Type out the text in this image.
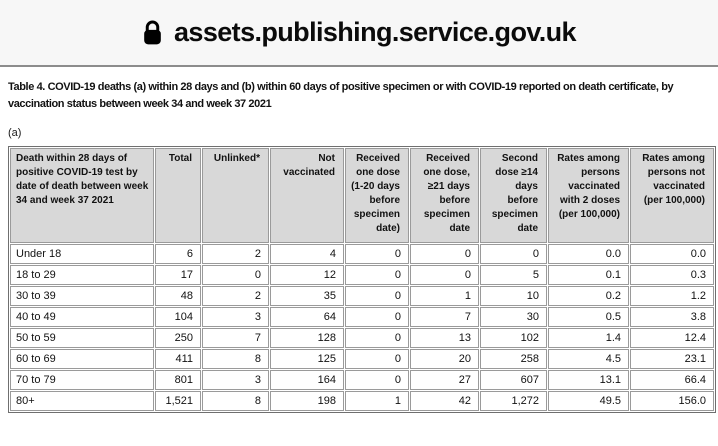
assets.publishing.service.gov.uk

Table 4. COVID-19 deaths (a) within 28 days and (b) within 60 days of positive specimen or with COVID-19 reported on death certificate, by vaccination status between week 34 and week 37 2021

(a)

Death within 28 days of positive COVID-19 test by date of death between week 34 and week 37 2021	Total	Unlinked*	Not vaccinated	Received one dose (1-20 days before specimen date)	Received one dose, ≥21 days before specimen date	Second dose ≥14 days before specimen date	Rates among persons vaccinated with 2 doses (per 100,000)	Rates among persons not vaccinated (per 100,000)
Under 18	6	2	4	0	0	0	0.0	0.0
18 to 29	17	0	12	0	0	5	0.1	0.3
30 to 39	48	2	35	0	1	10	0.2	1.2
40 to 49	104	3	64	0	7	30	0.5	3.8
50 to 59	250	7	128	0	13	102	1.4	12.4
60 to 69	411	8	125	0	20	258	4.5	23.1
70 to 79	801	3	164	0	27	607	13.1	66.4
80+	1,521	8	198	1	42	1,272	49.5	156.0
